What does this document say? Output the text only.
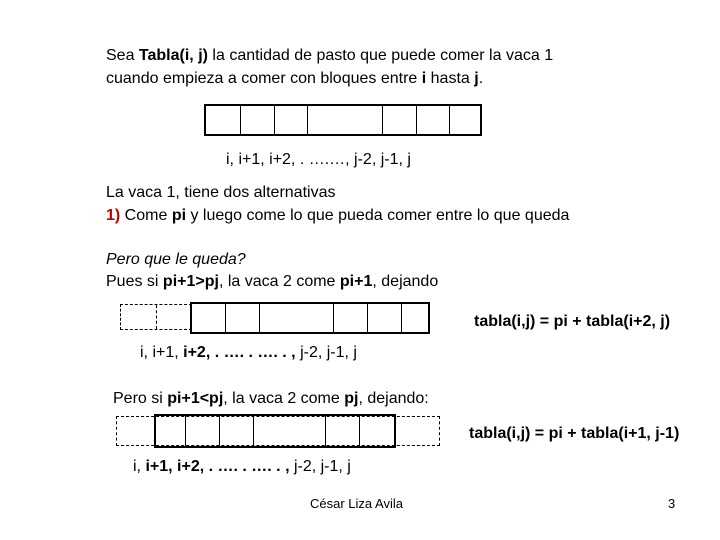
Sea Tabla(i, j) la cantidad de pasto que puede comer la vaca 1
cuando empieza a comer con bloques entre i hasta j.
i, i+1, i+2, . ….…, j-2, j-1, j
La vaca 1, tiene dos alternativas
1) Come pi y luego come lo que pueda comer entre lo que queda
Pero que le queda?
Pues si pi+1>pj, la vaca 2 come pi+1, dejando
tabla(i,j) = pi + tabla(i+2, j)
i, i+1, i+2, . …. . …. . , j-2, j-1, j
Pero si pi+1<pj, la vaca 2 come pj, dejando:
tabla(i,j) = pi + tabla(i+1, j-1)
i, i+1, i+2, . …. . …. . , j-2, j-1, j
César Liza Avila	3
